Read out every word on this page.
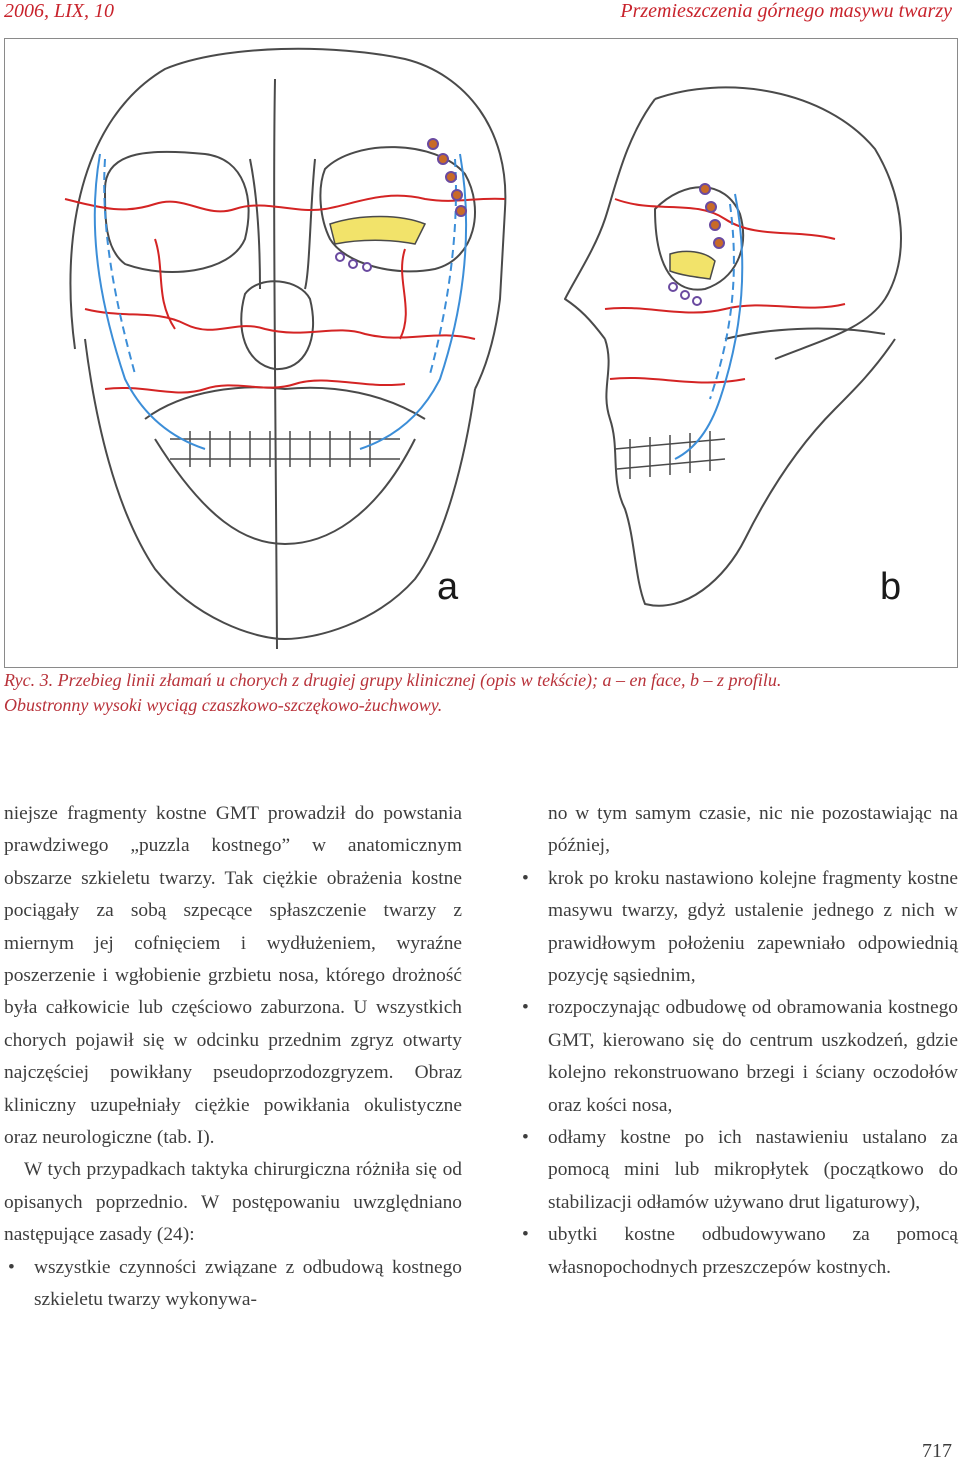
2006, LIX, 10	Przemieszczenia górnego masywu twarzy
a	b
Ryc. 3. Przebieg linii złamań u chorych z drugiej grupy klinicznej (opis w tekście); a – en face, b – z profilu.
Obustronny wysoki wyciąg czaszkowo-szczękowo-żuchwowy.

niejsze fragmenty kostne GMT prowadził do powstania prawdziwego „puzzla kostnego” w anatomicznym obszarze szkieletu twarzy. Tak ciężkie obrażenia kostne pociągały za sobą szpecące spłaszczenie twarzy z miernym jej cofnięciem i wydłużeniem, wyraźne poszerzenie i wgłobienie grzbietu nosa, którego drożność była całkowicie lub częściowo zaburzona. U wszystkich chorych pojawił się w odcinku przednim zgryz otwarty najczęściej powikłany pseudoprzodozgryzem. Obraz kliniczny uzupełniały ciężkie powikłania okulistyczne oraz neurologiczne (tab. I).

W tych przypadkach taktyka chirurgiczna różniła się od opisanych poprzednio. W postępowaniu uwzględniano następujące zasady (24):

• wszystkie czynności związane z odbudową kostnego szkieletu twarzy wykonywa-

no w tym samym czasie, nic nie pozostawiając na później,

• krok po kroku nastawiono kolejne fragmenty kostne masywu twarzy, gdyż ustalenie jednego z nich w prawidłowym położeniu zapewniało odpowiednią pozycję sąsiednim,
• rozpoczynając odbudowę od obramowania kostnego GMT, kierowano się do centrum uszkodzeń, gdzie kolejno rekonstruowano brzegi i ściany oczodołów oraz kości nosa,
• odłamy kostne po ich nastawieniu ustalano za pomocą mini lub mikropłytek (początkowo do stabilizacji odłamów używano drut ligaturowy),
• ubytki kostne odbudowywano za pomocą własnopochodnych przeszczepów kostnych.
717
